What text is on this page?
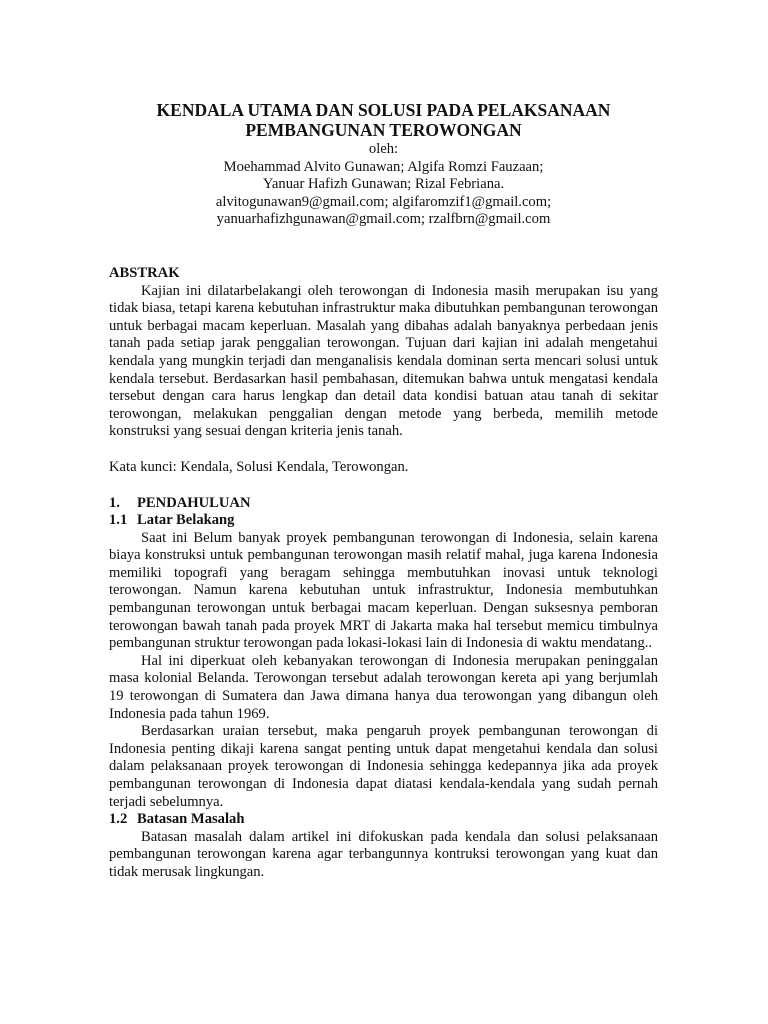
KENDALA UTAMA DAN SOLUSI PADA PELAKSANAAN

PEMBANGUNAN TEROWONGAN

oleh:

Moehammad Alvito Gunawan; Algifa Romzi Fauzaan;

Yanuar Hafizh Gunawan; Rizal Febriana.

alvitogunawan9@gmail.com; algifaromzif1@gmail.com;

yanuarhafizhgunawan@gmail.com; rzalfbrn@gmail.com

ABSTRAK

Kajian ini dilatarbelakangi oleh terowongan di Indonesia masih merupakan isu yang tidak biasa, tetapi karena kebutuhan infrastruktur maka dibutuhkan pembangunan terowongan untuk berbagai macam keperluan. Masalah yang dibahas adalah banyaknya perbedaan jenis tanah pada setiap jarak penggalian terowongan. Tujuan dari kajian ini adalah mengetahui kendala yang mungkin terjadi dan menganalisis kendala dominan serta mencari solusi untuk kendala tersebut. Berdasarkan hasil pembahasan, ditemukan bahwa untuk mengatasi kendala tersebut dengan cara harus lengkap dan detail data kondisi batuan atau tanah di sekitar terowongan, melakukan penggalian dengan metode yang berbeda, memilih metode konstruksi yang sesuai dengan kriteria jenis tanah.

Kata kunci: Kendala, Solusi Kendala, Terowongan.

1. PENDAHULUAN

1.1 Latar Belakang

Saat ini Belum banyak proyek pembangunan terowongan di Indonesia, selain karena biaya konstruksi untuk pembangunan terowongan masih relatif mahal, juga karena Indonesia memiliki topografi yang beragam sehingga membutuhkan inovasi untuk teknologi terowongan. Namun karena kebutuhan untuk infrastruktur, Indonesia membutuhkan pembangunan terowongan untuk berbagai macam keperluan. Dengan suksesnya pemboran terowongan bawah tanah pada proyek MRT di Jakarta maka hal tersebut memicu timbulnya pembangunan struktur terowongan pada lokasi-lokasi lain di Indonesia di waktu mendatang..

Hal ini diperkuat oleh kebanyakan terowongan di Indonesia merupakan peninggalan masa kolonial Belanda. Terowongan tersebut adalah terowongan kereta api yang berjumlah 19 terowongan di Sumatera dan Jawa dimana hanya dua terowongan yang dibangun oleh Indonesia pada tahun 1969.

Berdasarkan uraian tersebut, maka pengaruh proyek pembangunan terowongan di Indonesia penting dikaji karena sangat penting untuk dapat mengetahui kendala dan solusi dalam pelaksanaan proyek terowongan di Indonesia sehingga kedepannya jika ada proyek pembangunan terowongan di Indonesia dapat diatasi kendala-kendala yang sudah pernah terjadi sebelumnya.

1.2 Batasan Masalah

Batasan masalah dalam artikel ini difokuskan pada kendala dan solusi pelaksanaan pembangunan terowongan karena agar terbangunnya kontruksi terowongan yang kuat dan tidak merusak lingkungan.
